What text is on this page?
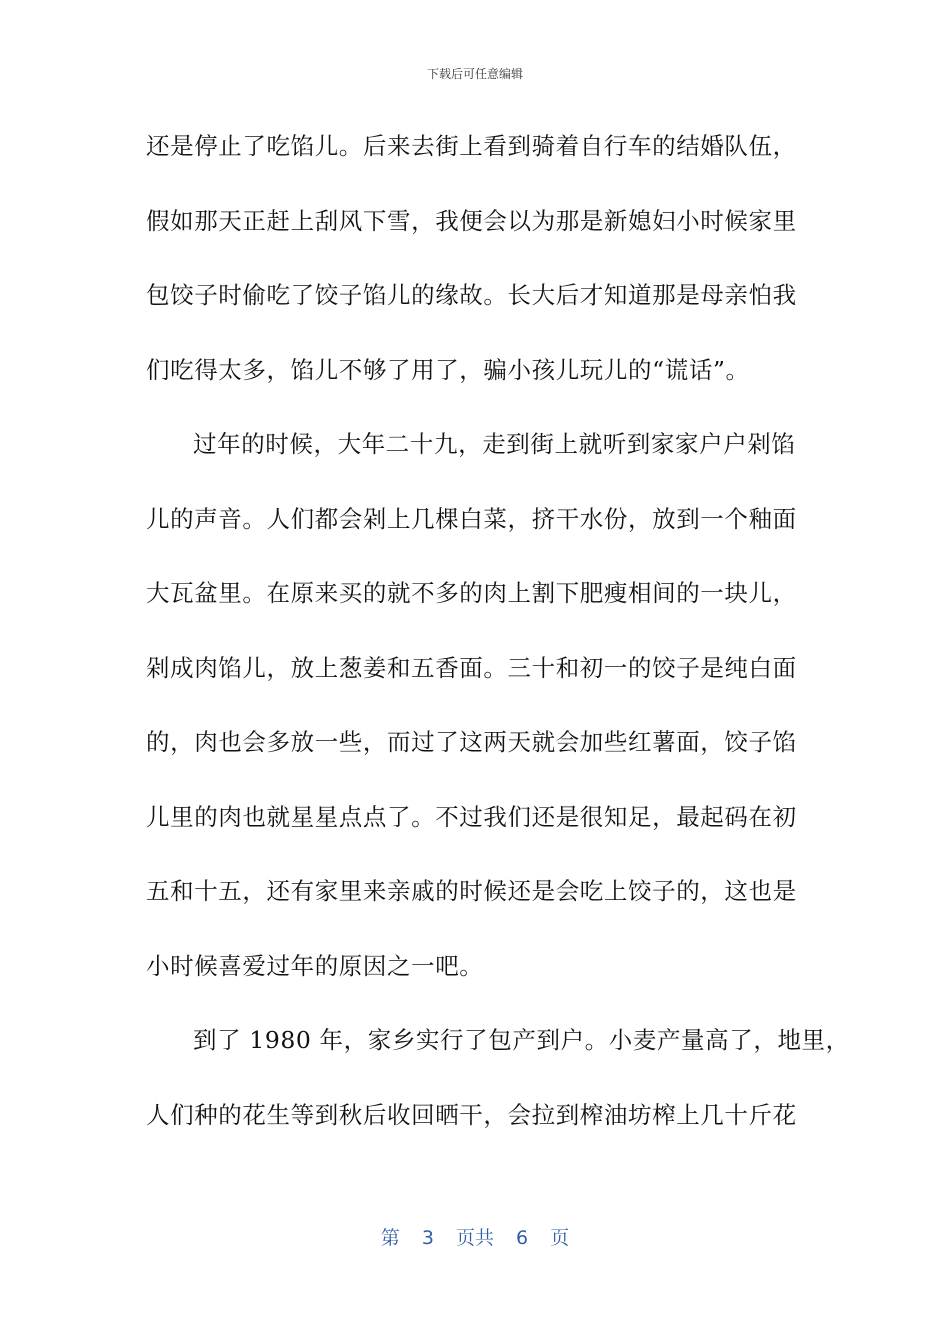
下载后可任意编辑
还是停止了吃馅儿。后来去街上看到骑着自行车的结婚队伍，
假如那天正赶上刮风下雪，我便会以为那是新媳妇小时候家里
包饺子时偷吃了饺子馅儿的缘故。长大后才知道那是母亲怕我
们吃得太多，馅儿不够了用了，骗小孩儿玩儿的“谎话”。
过年的时候，大年二十九，走到街上就听到家家户户剁馅
儿的声音。人们都会剁上几棵白菜，挤干水份，放到一个釉面
大瓦盆里。在原来买的就不多的肉上割下肥瘦相间的一块儿，
剁成肉馅儿，放上葱姜和五香面。三十和初一的饺子是纯白面
的，肉也会多放一些，而过了这两天就会加些红薯面，饺子馅
儿里的肉也就星星点点了。不过我们还是很知足，最起码在初
五和十五，还有家里来亲戚的时候还是会吃上饺子的，这也是
小时候喜爱过年的原因之一吧。
到了 1980 年，家乡实行了包产到户。小麦产量高了，地里，
人们种的花生等到秋后收回晒干，会拉到榨油坊榨上几十斤花
第 3 页共 6 页
